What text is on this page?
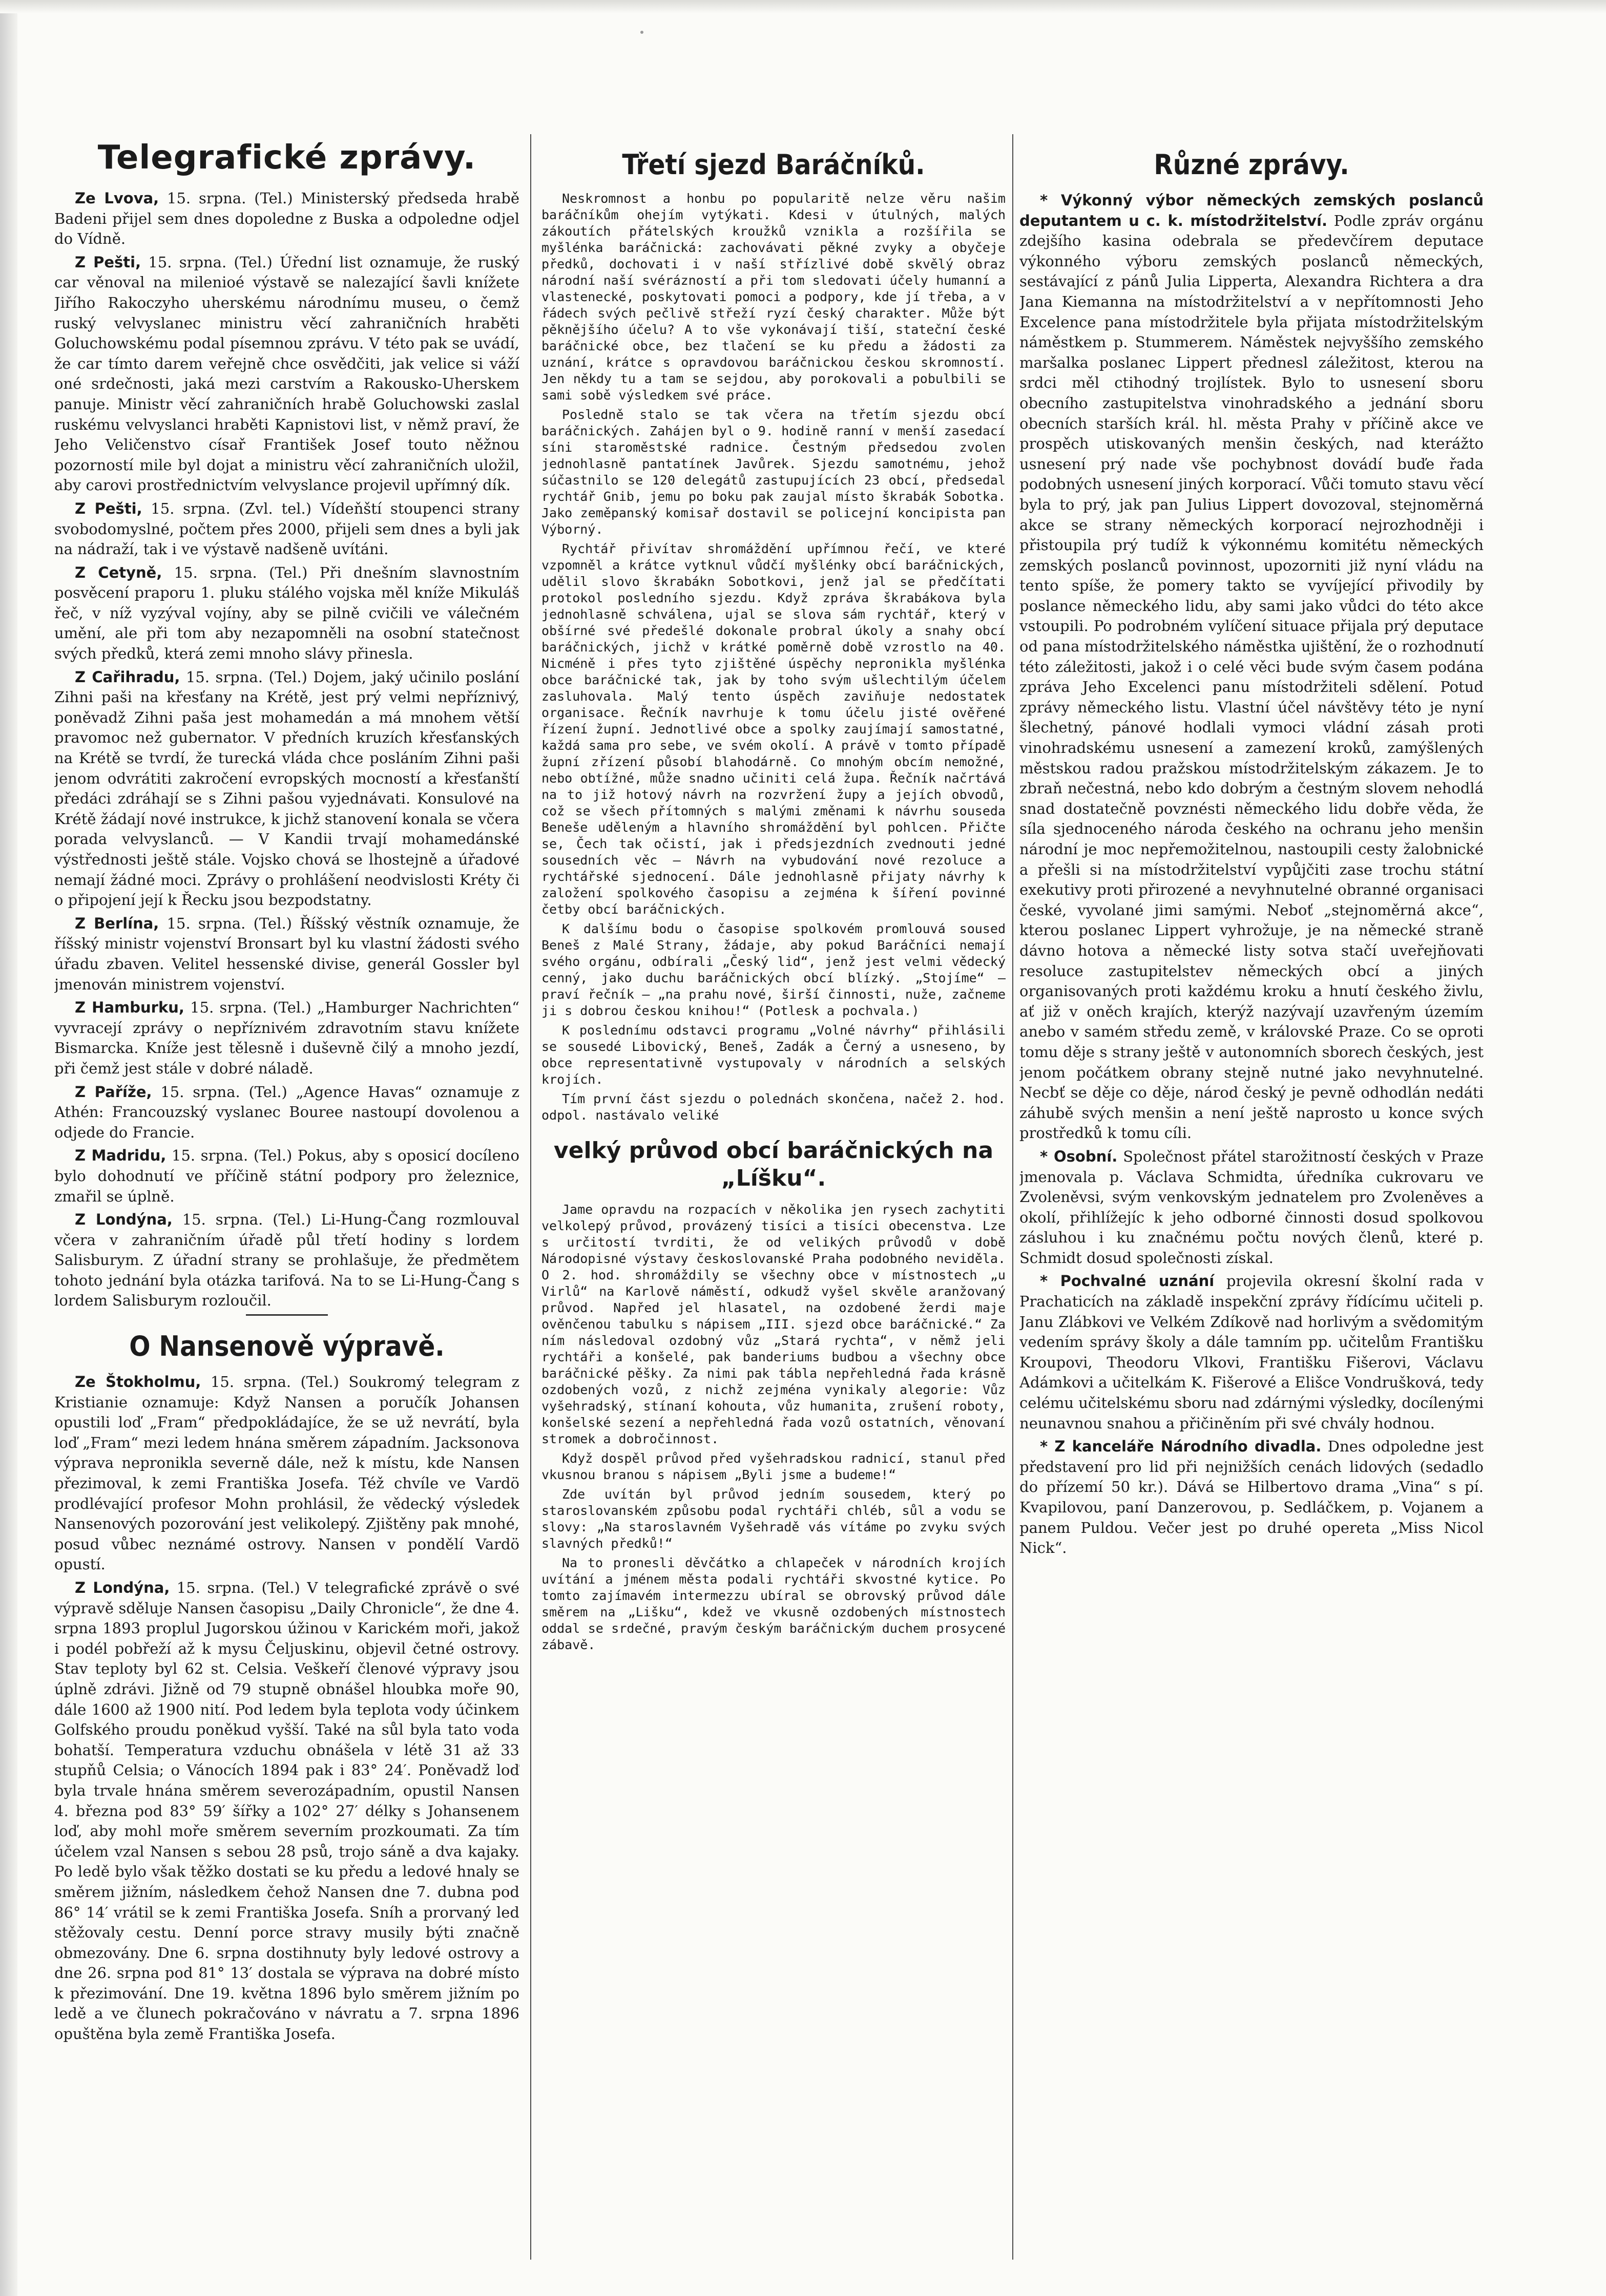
Telegrafické zprávy.

Ze Lvova, 15. srpna. (Tel.) Ministerský předseda hrabě Badeni přijel sem dnes dopoledne z Buska a odpoledne odjel do Vídně.

Z Pešti, 15. srpna. (Tel.) Úřední list oznamuje, že ruský car věnoval na milenioé výstavě se nalezající šavli knížete Jiřího Rakoczyho uherskému národnímu museu, o čemž ruský velvyslanec ministru věcí zahraničních hraběti Goluchowskému podal písemnou zprávu. V této pak se uvádí, že car tímto darem veřejně chce osvědčiti, jak velice si váží oné srdečnosti, jaká mezi carstvím a Rakousko-Uherskem panuje. Ministr věcí zahraničních hrabě Goluchowski zaslal ruskému velvyslanci hraběti Kapnistovi list, v němž praví, že Jeho Veličenstvo císař František Josef touto něžnou pozorností mile byl dojat a ministru věcí zahraničních uložil, aby carovi prostřednictvím velvyslance projevil upřímný dík.

Z Pešti, 15. srpna. (Zvl. tel.) Vídeňští stoupenci strany svobodomyslné, počtem přes 2000, přijeli sem dnes a byli jak na nádraží, tak i ve výstavě nadšeně uvítáni.

Z Cetyně, 15. srpna. (Tel.) Při dnešním slavnostním posvěcení praporu 1. pluku stálého vojska měl kníže Mikuláš řeč, v níž vyzýval vojíny, aby se pilně cvičili ve válečném umění, ale při tom aby nezapomněli na osobní statečnost svých předků, která zemi mnoho slávy přinesla.

Z Cařihradu, 15. srpna. (Tel.) Dojem, jaký učinilo poslání Zihni paši na křesťany na Krétě, jest prý velmi nepříznivý, poněvadž Zihni paša jest mohamedán a má mnohem větší pravomoc než gubernator. V předních kruzích křesťanských na Krétě se tvrdí, že turecká vláda chce posláním Zihni paši jenom odvrátiti zakročení evropských mocností a křesťanští předáci zdráhají se s Zihni pašou vyjednávati. Konsulové na Krétě žádají nové instrukce, k jichž stanovení konala se včera porada velvyslanců. — V Kandii trvají mohamedánské výstřednosti ještě stále. Vojsko chová se lhostejně a úřadové nemají žádné moci. Zprávy o prohlášení neodvislosti Kréty či o připojení její k Řecku jsou bezpodstatny.

Z Berlína, 15. srpna. (Tel.) Říšský věstník oznamuje, že říšský ministr vojenství Bronsart byl ku vlastní žádosti svého úřadu zbaven. Velitel hessenské divise, generál Gossler byl jmenován ministrem vojenství.

Z Hamburku, 15. srpna. (Tel.) „Hamburger Nachrichten“ vyvracejí zprávy o nepříznivém zdravotním stavu knížete Bismarcka. Kníže jest tělesně i duševně čilý a mnoho jezdí, při čemž jest stále v dobré náladě.

Z Paříže, 15. srpna. (Tel.) „Agence Havas“ oznamuje z Athén: Francouzský vyslanec Bouree nastoupí dovolenou a odjede do Francie.

Z Madridu, 15. srpna. (Tel.) Pokus, aby s oposicí docíleno bylo dohodnutí ve příčině státní podpory pro železnice, zmařil se úplně.

Z Londýna, 15. srpna. (Tel.) Li-Hung-Čang rozmlouval včera v zahraničním úřadě půl třetí hodiny s lordem Salisburym. Z úřadní strany se prohlašuje, že předmětem tohoto jednání byla otázka tarifová. Na to se Li-Hung-Čang s lordem Salisburym rozloučil.

O Nansenově výpravě.

Ze Štokholmu, 15. srpna. (Tel.) Soukromý telegram z Kristianie oznamuje: Když Nansen a poručík Johansen opustili loď „Fram“ předpokládajíce, že se už nevrátí, byla loď „Fram“ mezi ledem hnána směrem západním. Jacksonova výprava nepronikla severně dále, než k místu, kde Nansen přezimoval, k zemi Františka Josefa. Též chvíle ve Vardö prodlévající profesor Mohn prohlásil, že vědecký výsledek Nansenových pozorování jest velikolepý. Zjištěny pak mnohé, posud vůbec neznámé ostrovy. Nansen v pondělí Vardö opustí.

Z Londýna, 15. srpna. (Tel.) V telegrafické zprávě o své výpravě sděluje Nansen časopisu „Daily Chronicle“, že dne 4. srpna 1893 proplul Jugorskou úžinou v Karickém moři, jakož i podél pobřeží až k mysu Čeljuskinu, objevil četné ostrovy. Stav teploty byl 62 st. Celsia. Veškeří členové výpravy jsou úplně zdrávi. Jižně od 79 stupně obnášel hloubka moře 90, dále 1600 až 1900 nití. Pod ledem byla teplota vody účinkem Golfského proudu poněkud vyšší. Také na sůl byla tato voda bohatší. Temperatura vzduchu obnášela v létě 31 až 33 stupňů Celsia; o Vánocích 1894 pak i 83° 24′. Poněvadž loď byla trvale hnána směrem severozápadním, opustil Nansen 4. března pod 83° 59′ šířky a 102° 27′ délky s Johansenem loď, aby mohl moře směrem severním prozkoumati. Za tím účelem vzal Nansen s sebou 28 psů, trojo sáně a dva kajaky. Po ledě bylo však těžko dostati se ku předu a ledové hnaly se směrem jižním, následkem čehož Nansen dne 7. dubna pod 86° 14′ vrátil se k zemi Františka Josefa. Sníh a prorvaný led stěžovaly cestu. Denní porce stravy musily býti značně obmezovány. Dne 6. srpna dostihnuty byly ledové ostrovy a dne 26. srpna pod 81° 13′ dostala se výprava na dobré místo k přezimování. Dne 19. května 1896 bylo směrem jižním po ledě a ve člunech pokračováno v návratu a 7. srpna 1896 opuštěna byla země Františka Josefa.

Třetí sjezd Baráčníků.

Neskromnost a honbu po popularitě nelze věru našim baráčníkům ohejím vytýkati. Kdesi v útulných, malých zákoutích přátelských kroužků vznikla a rozšířila se myšlénka baráčnická: zachovávati pěkné zvyky a obyčeje předků, dochovati i v naší střízlivé době skvělý obraz národní naší svérázností a při tom sledovati účely humanní a vlastenecké, poskytovati pomoci a podpory, kde jí třeba, a v řádech svých pečlivě střeží ryzí český charakter. Může být pěknějšího účelu? A to vše vykonávají tiší, stateční české baráčnické obce, bez tlačení se ku předu a žádosti za uznání, krátce s opravdovou baráčnickou českou skromností. Jen někdy tu a tam se sejdou, aby porokovali a pobulbili se sami sobě výsledkem své práce.

Posledně stalo se tak včera na třetím sjezdu obcí baráčnických. Zahájen byl o 9. hodině ranní v menší zasedací síni staroměstské radnice. Čestným předsedou zvolen jednohlasně pantatínek Javůrek. Sjezdu samotnému, jehož súčastnilo se 120 delegátů zastupujících 23 obcí, předsedal rychtář Gnib, jemu po boku pak zaujal místo škrabák Sobotka. Jako zeměpanský komisař dostavil se policejní koncipista pan Výborný.

Rychtář přivítav shromáždění upřímnou řečí, ve které vzpomněl a krátce vytknul vůdčí myšlénky obcí baráčnických, udělil slovo škrabákn Sobotkovi, jenž jal se předčítati protokol posledního sjezdu. Když zpráva škrabákova byla jednohlasně schválena, ujal se slova sám rychtář, který v obšírné své předešlé dokonale probral úkoly a snahy obcí baráčnických, jichž v krátké poměrně době vzrostlo na 40. Nicméně i přes tyto zjištěné úspěchy nepronikla myšlénka obce baráčnické tak, jak by toho svým ušlechtilým účelem zasluhovala. Malý tento úspěch zaviňuje nedostatek organisace. Řečník navrhuje k tomu účelu jisté ověřené řízení župní. Jednotlivé obce a spolky zaujímají samostatné, každá sama pro sebe, ve svém okolí. A právě v tomto případě župní zřízení působí blahodárně. Co mnohým obcím nemožné, nebo obtížné, může snadno učiniti celá župa. Řečník načrtává na to již hotový návrh na rozvržení župy a jejích obvodů, což se všech přítomných s malými změnami k návrhu souseda Beneše uděleným a hlavního shromáždění byl pohlcen. Přičte se, Čech tak očistí, jak i předsjezdních zvednouti jedné sousedních věc — Návrh na vybudování nové rezoluce a rychtářské sjednocení. Dále jednohlasně přijaty návrhy k založení spolkového časopisu a zejména k šíření povinné četby obcí baráčnických.

K dalšímu bodu o časopise spolkovém promlouvá soused Beneš z Malé Strany, žádaje, aby pokud Baráčníci nemají svého orgánu, odbírali „Český lid“, jenž jest velmi vědecký cenný, jako duchu baráčnických obcí blízký. „Stojíme“ — praví řečník — „na prahu nové, širší činnosti, nuže, začneme ji s dobrou českou knihou!“ (Potlesk a pochvala.)

K poslednímu odstavci programu „Volné návrhy“ přihlásili se sousedé Libovický, Beneš, Zadák a Černý a usneseno, by obce representativně vystupovaly v národních a selských krojích.

Tím první část sjezdu o polednách skončena, načež 2. hod. odpol. nastávalo veliké

velký průvod obcí baráčnických na „Líšku“.

Jame opravdu na rozpacích v několika jen rysech zachytiti velkolepý průvod, provázený tisíci a tisíci obecenstva. Lze s určitostí tvrditi, že od velikých průvodů v době Národopisné výstavy českoslovanské Praha podobného neviděla. O 2. hod. shromáždily se všechny obce v místnostech „u Virlů“ na Karlově náměstí, odkudž vyšel skvěle aranžovaný průvod. Napřed jel hlasatel, na ozdobené žerdi maje ověnčenou tabulku s nápisem „III. sjezd obce baráčnické.“ Za ním následoval ozdobný vůz „Stará rychta“, v němž jeli rychtáři a konšelé, pak banderiums budbou a všechny obce baráčnické pěšky. Za nimi pak tábla nepřehledná řada krásně ozdobených vozů, z nichž zejména vynikaly alegorie: Vůz vyšehradský, stínaní kohouta, vůz humanita, zrušení roboty, konšelské sezení a nepřehledná řada vozů ostatních, věnovaní stromek a dobročinnost.

Když dospěl průvod před vyšehradskou radnicí, stanul před vkusnou branou s nápisem „Byli jsme a budeme!“

Zde uvítán byl průvod jedním sousedem, který po staroslovanském způsobu podal rychtáři chléb, sůl a vodu se slovy: „Na staroslavném Vyšehradě vás vítáme po zvyku svých slavných předků!“

Na to pronesli děvčátko a chlapeček v národních krojích uvítání a jménem města podali rychtáři skvostné kytice. Po tomto zajímavém intermezzu ubíral se obrovský průvod dále směrem na „Lišku“, kdež ve vkusně ozdobených místnostech oddal se srdečné, pravým českým baráčnickým duchem prosycené zábavě.

Různé zprávy.

* Výkonný výbor německých zemských poslanců deputantem u c. k. místodržitelství. Podle zpráv orgánu zdejšího kasina odebrala se předevčírem deputace výkonného výboru zemských poslanců německých, sestávající z pánů Julia Lipperta, Alexandra Richtera a dra Jana Kiemanna na místodržitelství a v nepřítomnosti Jeho Excelence pana místodržitele byla přijata místodržitelským náměstkem p. Stummerem. Náměstek nejvyššího zemského maršalka poslanec Lippert přednesl záležitost, kterou na srdci měl ctihodný trojlístek. Bylo to usnesení sboru obecního zastupitelstva vinohradského a jednání sboru obecních starších král. hl. města Prahy v příčině akce ve prospěch utiskovaných menšin českých, nad kterážto usnesení prý nade vše pochybnost dovádí buďe řada podobných usnesení jiných korporací. Vůči tomuto stavu věcí byla to prý, jak pan Julius Lippert dovozoval, stejnoměrná akce se strany německých korporací nejrozhodněji i přistoupila prý tudíž k výkonnému komitétu německých zemských poslanců povinnost, upozorniti již nyní vládu na tento spíše, že pomery takto se vyvíjející přivodily by poslance německého lidu, aby sami jako vůdci do této akce vstoupili. Po podrobném vylíčení situace přijala prý deputace od pana místodržitelského náměstka ujištění, že o rozhodnutí této záležitosti, jakož i o celé věci bude svým časem podána zpráva Jeho Excelenci panu místodržiteli sdělení. Potud zprávy německého listu. Vlastní účel návštěvy této je nyní šlechetný, pánové hodlali vymoci vládní zásah proti vinohradskému usnesení a zamezení kroků, zamýšlených městskou radou pražskou místodržitelským zákazem. Je to zbraň nečestná, nebo kdo dobrým a čestným slovem nehodlá snad dostatečně povznésti německého lidu dobře věda, že síla sjednoceného národa českého na ochranu jeho menšin národní je moc nepřemožitelnou, nastoupili cesty žalobnické a přešli si na místodržitelství vypůjčiti zase trochu státní exekutivy proti přirozené a nevyhnutelné obranné organisaci české, vyvolané jimi samými. Neboť „stejnoměrná akce“, kterou poslanec Lippert vyhrožuje, je na německé straně dávno hotova a německé listy sotva stačí uveřejňovati resoluce zastupitelstev německých obcí a jiných organisovaných proti každému kroku a hnutí českého živlu, ať již v oněch krajích, kterýž nazývají uzavřeným územím anebo v samém středu země, v královské Praze. Co se oproti tomu děje s strany ještě v autonomních sborech českých, jest jenom počátkem obrany stejně nutné jako nevyhnutelné. Necbť se děje co děje, národ český je pevně odhodlán nedáti záhubě svých menšin a není ještě naprosto u konce svých prostředků k tomu cíli.

* Osobní. Společnost přátel starožitností českých v Praze jmenovala p. Václava Schmidta, úředníka cukrovaru ve Zvoleněvsi, svým venkovským jednatelem pro Zvoleněves a okolí, přihlížejíc k jeho odborné činnosti dosud spolkovou zásluhou i ku značnému počtu nových členů, které p. Schmidt dosud společnosti získal.

* Pochvalné uznání projevila okresní školní rada v Prachaticích na základě inspekční zprávy řídícímu učiteli p. Janu Zlábkovi ve Velkém Zdíkově nad horlivým a svědomitým vedením správy školy a dále tamním pp. učitelům Františku Kroupovi, Theodoru Vlkovi, Františku Fišerovi, Václavu Adámkovi a učitelkám K. Fišerové a Elišce Vondrušková, tedy celému učitelskému sboru nad zdárnými výsledky, docílenými neunavnou snahou a přičiněním při své chvály hodnou.

* Z kanceláře Národního divadla. Dnes odpoledne jest představení pro lid při nejnižších cenách lidových (sedadlo do přízemí 50 kr.). Dává se Hilbertovo drama „Vina“ s pí. Kvapilovou, paní Danzerovou, p. Sedláčkem, p. Vojanem a panem Puldou. Večer jest po druhé opereta „Miss Nicol Nick“.
